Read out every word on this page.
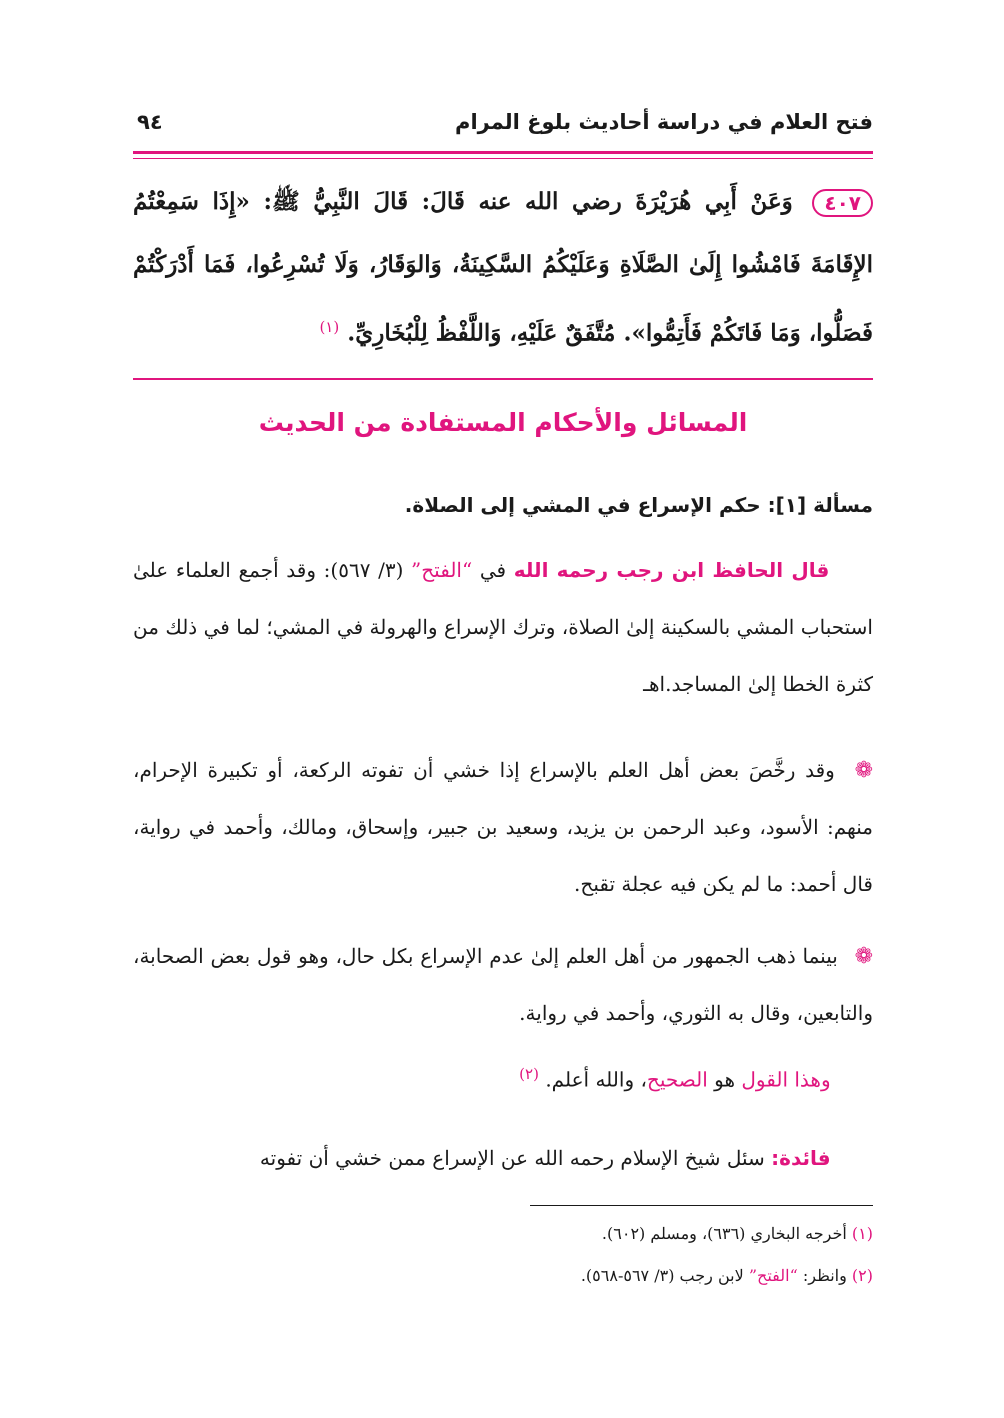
فتح العلام في دراسة أحاديث بلوغ المرام
٩٤
٤٠٧ وَعَنْ أَبِي هُرَيْرَةَ رضي الله عنه قَالَ: قَالَ النَّبِيُّ ﷺ: «إِذَا سَمِعْتُمُ الإِقَامَةَ فَامْشُوا إِلَىٰ الصَّلَاةِ وَعَلَيْكُمُ السَّكِينَةُ، وَالوَقَارُ، وَلَا تُسْرِعُوا، فَمَا أَدْرَكْتُمْ فَصَلُّوا، وَمَا فَاتَكُمْ فَأَتِمُّوا». مُتَّفَقٌ عَلَيْهِ، وَاللَّفْظُ لِلْبُخَارِيِّ. $^{(١)}$
المسائل والأحكام المستفادة من الحديث
مسألة [١]: حكم الإسراع في المشي إلى الصلاة.
قال الحافظ ابن رجب رحمه الله في “الفتح” (٣/ ٥٦٧): وقد أجمع العلماء علىٰ استحباب المشي بالسكينة إلىٰ الصلاة، وترك الإسراع والهرولة في المشي؛ لما في ذلك من كثرة الخطا إلىٰ المساجد.اهـ
❁ وقد رخَّصَ بعض أهل العلم بالإسراع إذا خشي أن تفوته الركعة، أو تكبيرة الإحرام، منهم: الأسود، وعبد الرحمن بن يزيد، وسعيد بن جبير، وإسحاق، ومالك، وأحمد في رواية، قال أحمد: ما لم يكن فيه عجلة تقبح.
❁ بينما ذهب الجمهور من أهل العلم إلىٰ عدم الإسراع بكل حال، وهو قول بعض الصحابة، والتابعين، وقال به الثوري، وأحمد في رواية.
وهذا القول هو الصحيح، والله أعلم. $^{(٢)}$
فائدة: سئل شيخ الإسلام رحمه الله عن الإسراع ممن خشي أن تفوته
(١) أخرجه البخاري (٦٣٦)، ومسلم (٦٠٢).
(٢) وانظر: “الفتح” لابن رجب (٣/ ٥٦٧-٥٦٨).
